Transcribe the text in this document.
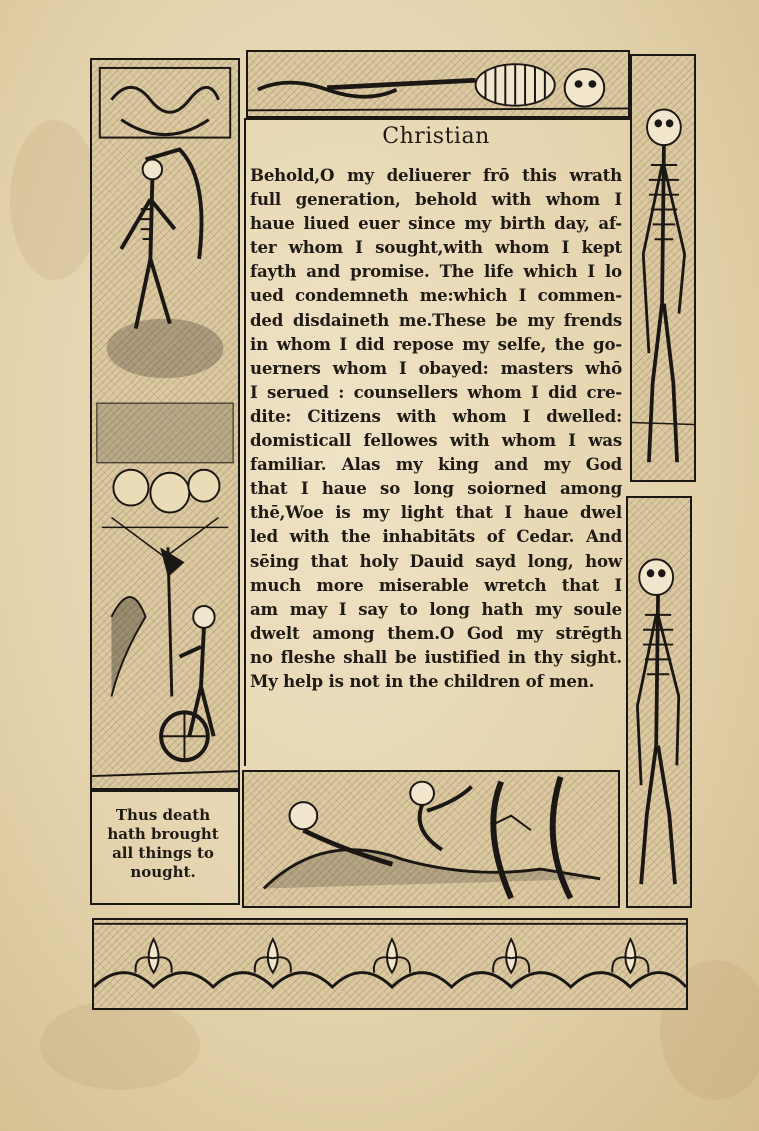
Thus death
hath brought
all things to
nought.
Christian
Behold,O my deliuerer frō this wrath
full generation, behold with whom I
haue liued euer since my birth day, af-
ter whom I sought,with whom I kept
fayth and promise. The life which I lo
ued condemneth me:which I commen-
ded disdaineth me.These be my frends
in whom I did repose my selfe, the go-
uerners whom I obayed: masters whō
I serued : counsellers whom I did cre-
dite: Citizens with whom I dwelled:
domisticall fellowes with whom I was
familiar. Alas my king and my God
that I haue so long soiorned among
thē,Woe is my light that I haue dwel
led with the inhabitāts of Cedar. And
sēing that holy Dauid sayd long, how
much more miserable wretch that I
am may I say to long hath my soule
dwelt among them.O God my strēgth
no fleshe shall be iustified in thy sight.
My help is not in the children of men.
